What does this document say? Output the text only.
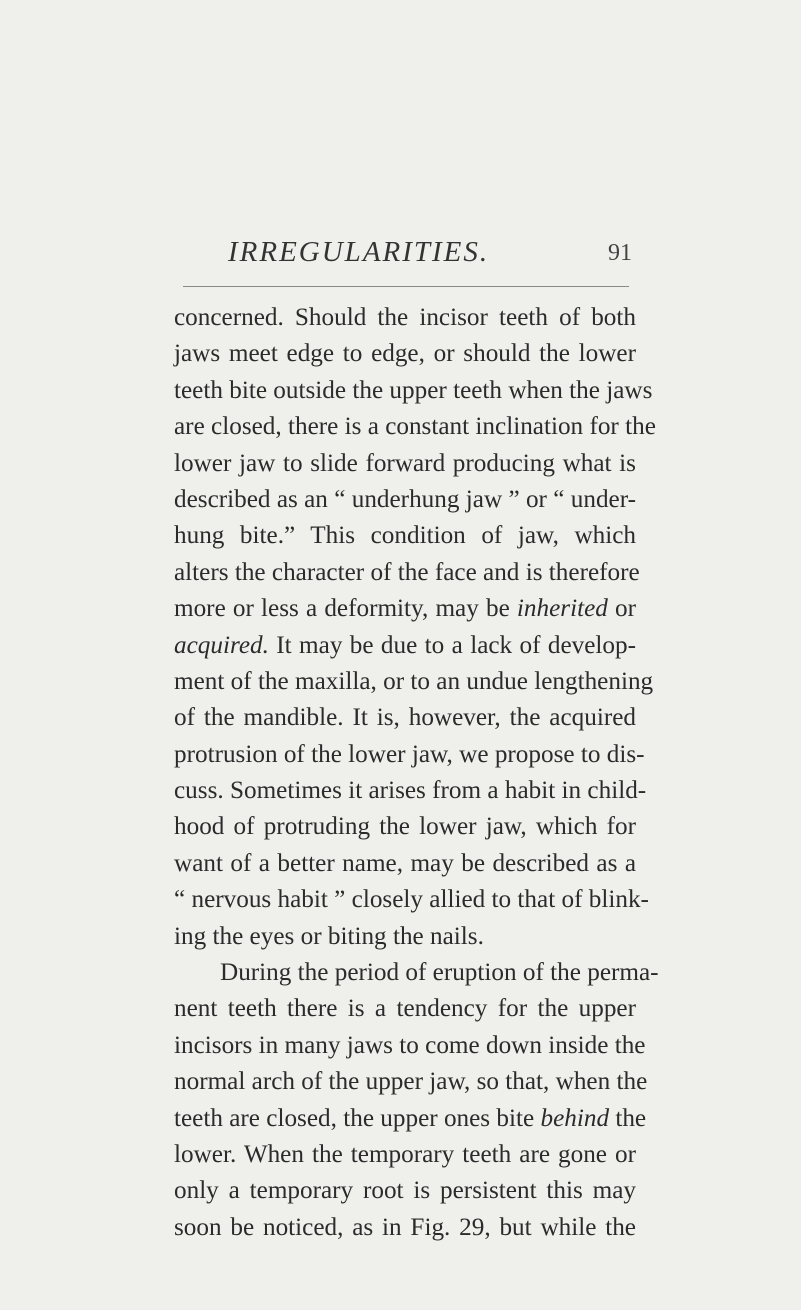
IRREGULARITIES.	91
concerned. Should the incisor teeth of both
jaws meet edge to edge, or should the lower
teeth bite outside the upper teeth when the jaws
are closed, there is a constant inclination for the
lower jaw to slide forward producing what is
described as an “ underhung jaw ” or “ under-
hung bite.” This condition of jaw, which
alters the character of the face and is therefore
more or less a deformity, may be inherited or
acquired. It may be due to a lack of develop-
ment of the maxilla, or to an undue lengthening
of the mandible. It is, however, the acquired
protrusion of the lower jaw, we propose to dis-
cuss. Sometimes it arises from a habit in child-
hood of protruding the lower jaw, which for
want of a better name, may be described as a
“ nervous habit ” closely allied to that of blink-
ing the eyes or biting the nails.
During the period of eruption of the perma-
nent teeth there is a tendency for the upper
incisors in many jaws to come down inside the
normal arch of the upper jaw, so that, when the
teeth are closed, the upper ones bite behind the
lower. When the temporary teeth are gone or
only a temporary root is persistent this may
soon be noticed, as in Fig. 29, but while the
